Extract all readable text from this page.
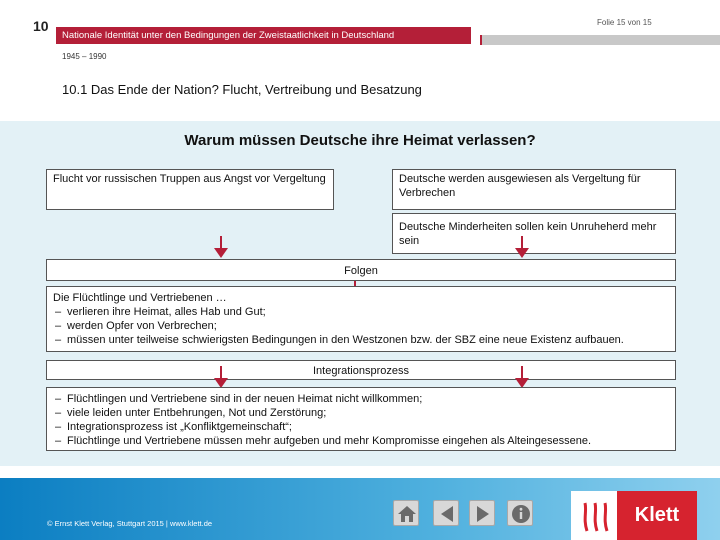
10	Folie 15 von 15
Nationale Identität unter den Bedingungen der Zweistaatlichkeit in Deutschland
1945 – 1990
10.1 Das Ende der Nation? Flucht, Vertreibung und Besatzung
Warum müssen Deutsche ihre Heimat verlassen?
Flucht vor russischen Truppen aus Angst vor Vergeltung	Deutsche werden ausgewiesen als Vergeltung für Verbrechen
Deutsche Minderheiten sollen kein Unruheherd mehr sein
Folgen
Die Flüchtlinge und Vertriebenen …
– verlieren ihre Heimat, alles Hab und Gut;
– werden Opfer von Verbrechen;
– müssen unter teilweise schwierigsten Bedingungen in den Westzonen bzw. der SBZ eine neue Existenz aufbauen.
Integrationsprozess
– Flüchtlingen und Vertriebene sind in der neuen Heimat nicht willkommen;
– viele leiden unter Entbehrungen, Not und Zerstörung;
– Integrationsprozess ist „Konfliktgemeinschaft“;
– Flüchtlinge und Vertriebene müssen mehr aufgeben und mehr Kompromisse eingehen als Alteingesessene.
© Ernst Klett Verlag, Stuttgart 2015 | www.klett.de	Klett
